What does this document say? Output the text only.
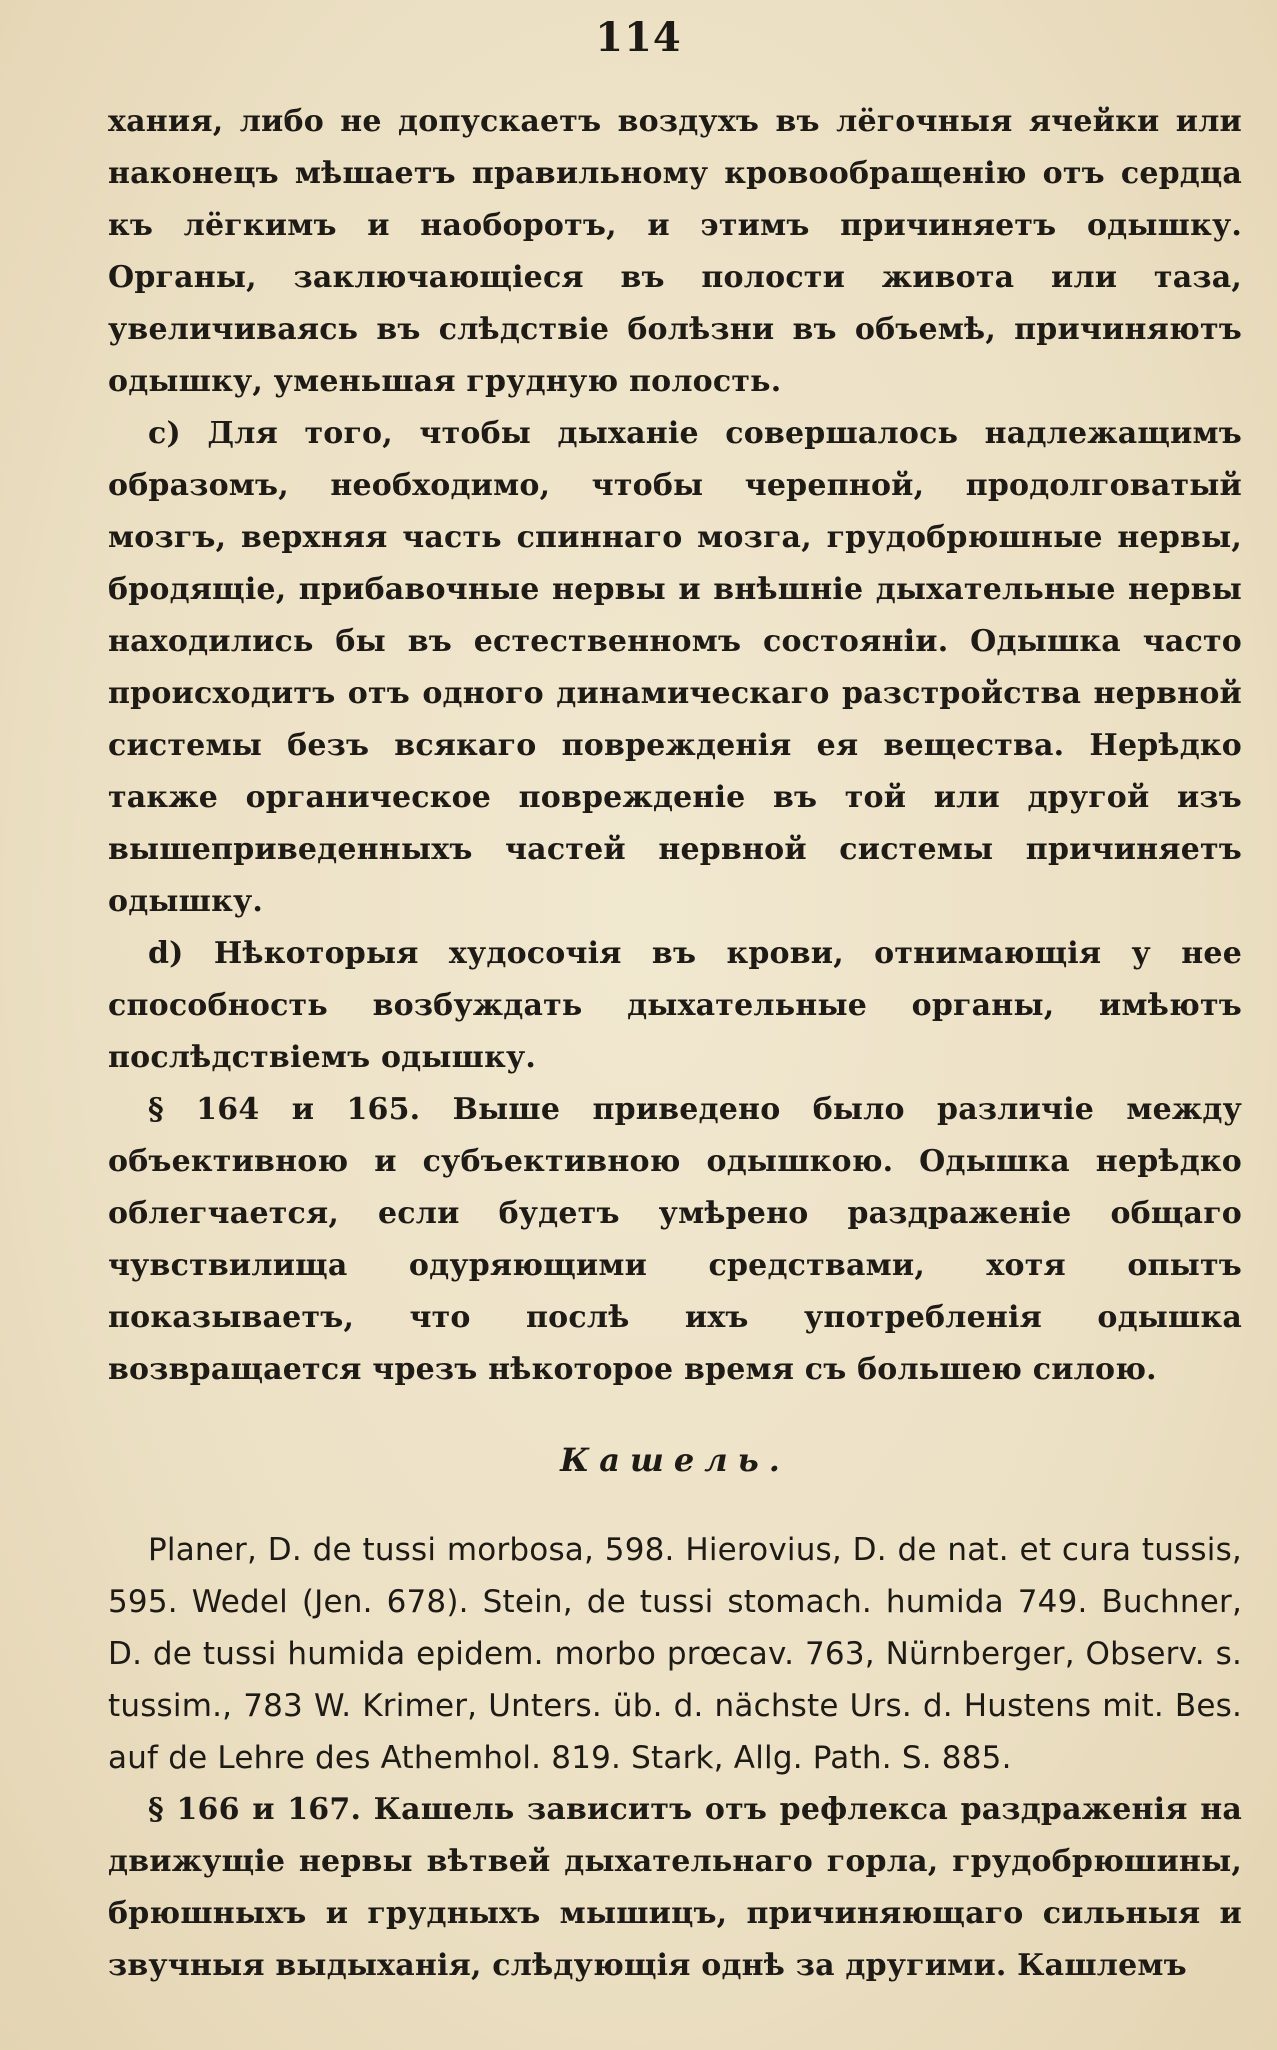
114

хания, либо не допускаетъ воздухъ въ лёгочныя ячейки или наконецъ мѣшаетъ правильному кровообращенію отъ сердца къ лёгкимъ и наоборотъ, и этимъ причиняетъ одышку. Органы, заключающіеся въ полости живота или таза, увеличиваясь въ слѣдствіе болѣзни въ объемѣ, причиняютъ одышку, уменьшая грудную полость.

c) Для того, чтобы дыханіе совершалось надлежащимъ образомъ, необходимо, чтобы черепной, продолговатый мозгъ, верхняя часть спиннаго мозга, грудобрюшные нервы, бродящіе, прибавочные нервы и внѣшніе дыхательные нервы находились бы въ естественномъ состояніи. Одышка часто происходитъ отъ одного динамическаго разстройства нервной системы безъ всякаго поврежденія ея вещества. Нерѣдко также органическое поврежденіе въ той или другой изъ вышеприведенныхъ частей нервной системы причиняетъ одышку.

d) Нѣкоторыя худосочія въ крови, отнимающія у нее способность возбуждать дыхательные органы, имѣютъ послѣдствіемъ одышку.

§ 164 и 165. Выше приведено было различіе между объективною и субъективною одышкою. Одышка нерѣдко облегчается, если будетъ умѣрено раздраженіе общаго чувствилища одуряющими средствами, хотя опытъ показываетъ, что послѣ ихъ употребленія одышка возвращается чрезъ нѣкоторое время съ большею силою.

Кашель.

Planer, D. de tussi morbosa, 598. Hierovius, D. de nat. et cura tussis, 595. Wedel (Jen. 678). Stein, de tussi stomach. humida 749. Buchner, D. de tussi humida epidem. morbo prœcav. 763, Nürnberger, Observ. s. tussim., 783 W. Krimer, Unters. üb. d. nächste Urs. d. Hustens mit. Bes. auf de Lehre des Athemhol. 819. Stark, Allg. Path. S. 885.

§ 166 и 167. Кашель зависитъ отъ рефлекса раздраженія на движущіе нервы вѣтвей дыхательнаго горла, грудобрюшины, брюшныхъ и грудныхъ мышицъ, причиняющаго сильныя и звучныя выдыханія, слѣдующія однѣ за другими. Кашлемъ
